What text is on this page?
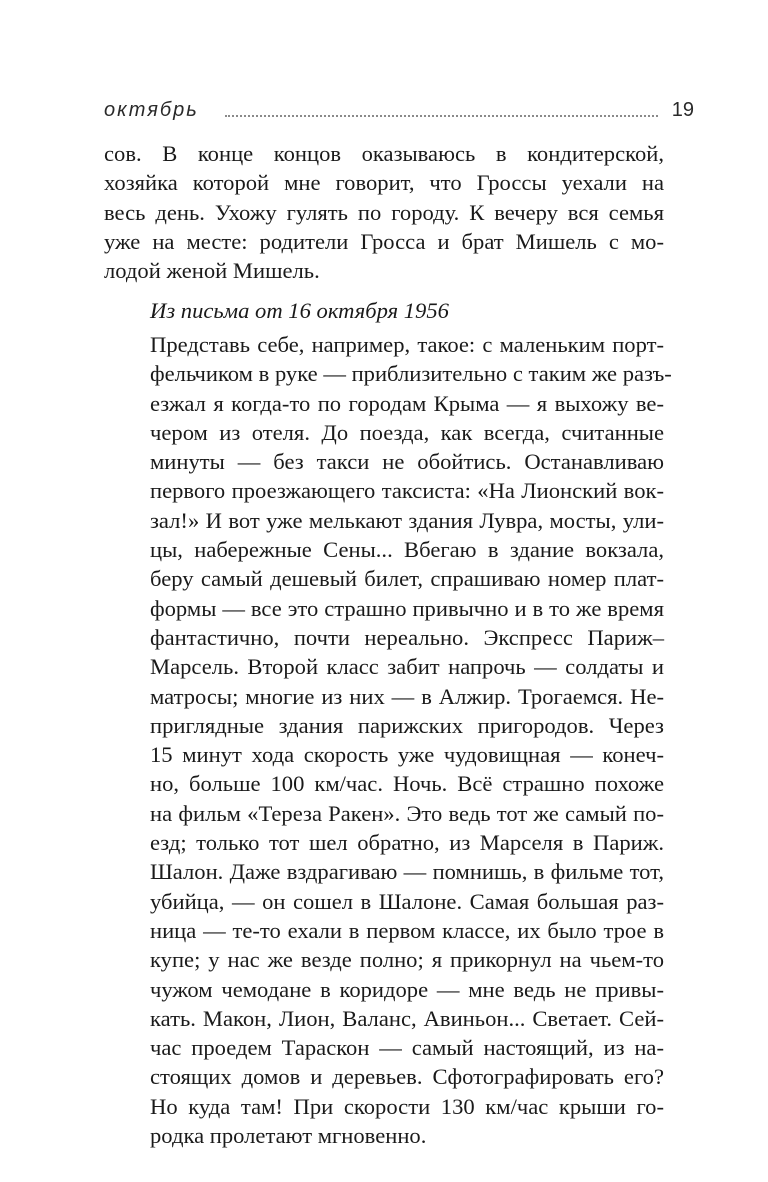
октябрь	19
сов. В конце концов оказываюсь в кондитерской,
хозяйка которой мне говорит, что Гроссы уехали на
весь день. Ухожу гулять по городу. К вечеру вся семья
уже на месте: родители Гросса и брат Мишель с мо-
лодой женой Мишель.

Из письма от 16 октября 1956

Представь себе, например, такое: с маленьким порт-
фельчиком в руке — приблизительно с таким же разъ-
езжал я когда-то по городам Крыма — я выхожу ве-
чером из отеля. До поезда, как всегда, считанные
минуты — без такси не обойтись. Останавливаю
первого проезжающего таксиста: «На Лионский вок-
зал!» И вот уже мелькают здания Лувра, мосты, ули-
цы, набережные Сены... Вбегаю в здание вокзала,
беру самый дешевый билет, спрашиваю номер плат-
формы — все это страшно привычно и в то же время
фантастично, почти нереально. Экспресс Париж–
Марсель. Второй класс забит напрочь — солдаты и
матросы; многие из них — в Алжир. Трогаемся. Не-
приглядные здания парижских пригородов. Через
15 минут хода скорость уже чудовищная — конеч-
но, больше 100 км/час. Ночь. Всё страшно похоже
на фильм «Тереза Ракен». Это ведь тот же самый по-
езд; только тот шел обратно, из Марселя в Париж.
Шалон. Даже вздрагиваю — помнишь, в фильме тот,
убийца, — он сошел в Шалоне. Самая большая раз-
ница — те-то ехали в первом классе, их было трое в
купе; у нас же везде полно; я прикорнул на чьем-то
чужом чемодане в коридоре — мне ведь не привы-
кать. Макон, Лион, Валанс, Авиньон... Светает. Сей-
час проедем Тараскон — самый настоящий, из на-
стоящих домов и деревьев. Сфотографировать его?
Но куда там! При скорости 130 км/час крыши го-
родка пролетают мгновенно.
